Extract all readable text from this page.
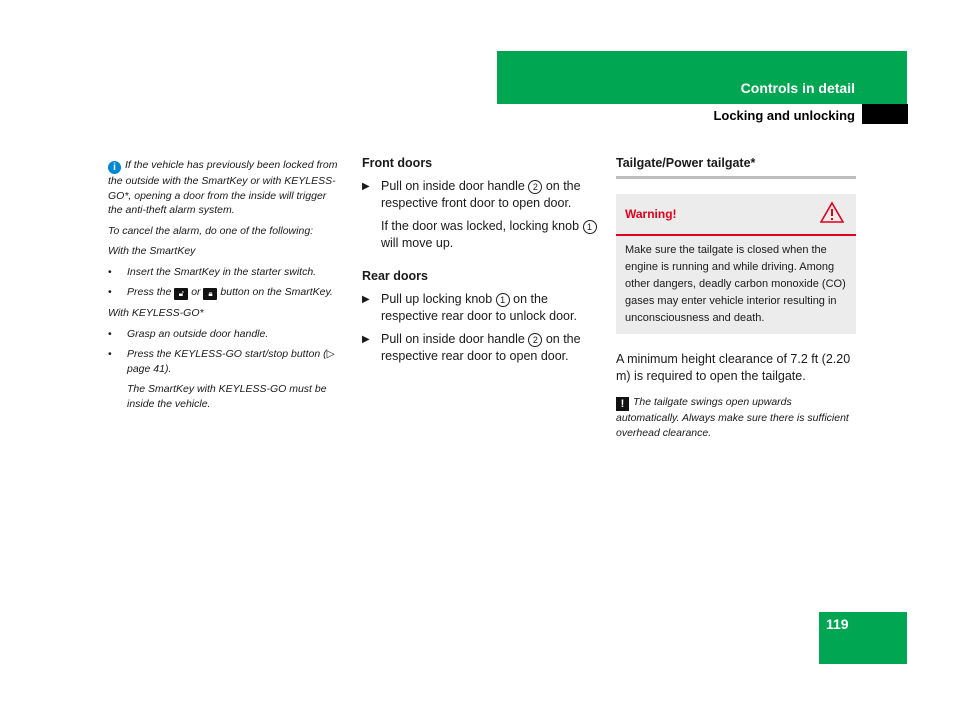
Controls in detail
Locking and unlocking

i If the vehicle has previously been locked from the outside with the SmartKey or with KEYLESS-GO*, opening a door from the inside will trigger the anti-theft alarm system.

To cancel the alarm, do one of the following:

With the SmartKey

• Insert the SmartKey in the starter switch.
• Press the 🔓︎ or 🔒︎ button on the SmartKey.

With KEYLESS-GO*

• Grasp an outside door handle.
• Press the KEYLESS-GO start/stop button (▷ page 41).

The SmartKey with KEYLESS-GO must be inside the vehicle.

Front doors
▶ Pull on inside door handle 2 on the respective front door to open door.
If the door was locked, locking knob 1 will move up.
Rear doors
▶ Pull up locking knob 1 on the respective rear door to unlock door.
▶ Pull on inside door handle 2 on the respective rear door to open door.
Tailgate/Power tailgate*
Warning!
Make sure the tailgate is closed when the engine is running and while driving. Among other dangers, deadly carbon monoxide (CO) gases may enter vehicle interior resulting in unconsciousness and death.
A minimum height clearance of 7.2 ft (2.20 m) is required to open the tailgate.
! The tailgate swings open upwards automatically. Always make sure there is sufficient overhead clearance.
119
